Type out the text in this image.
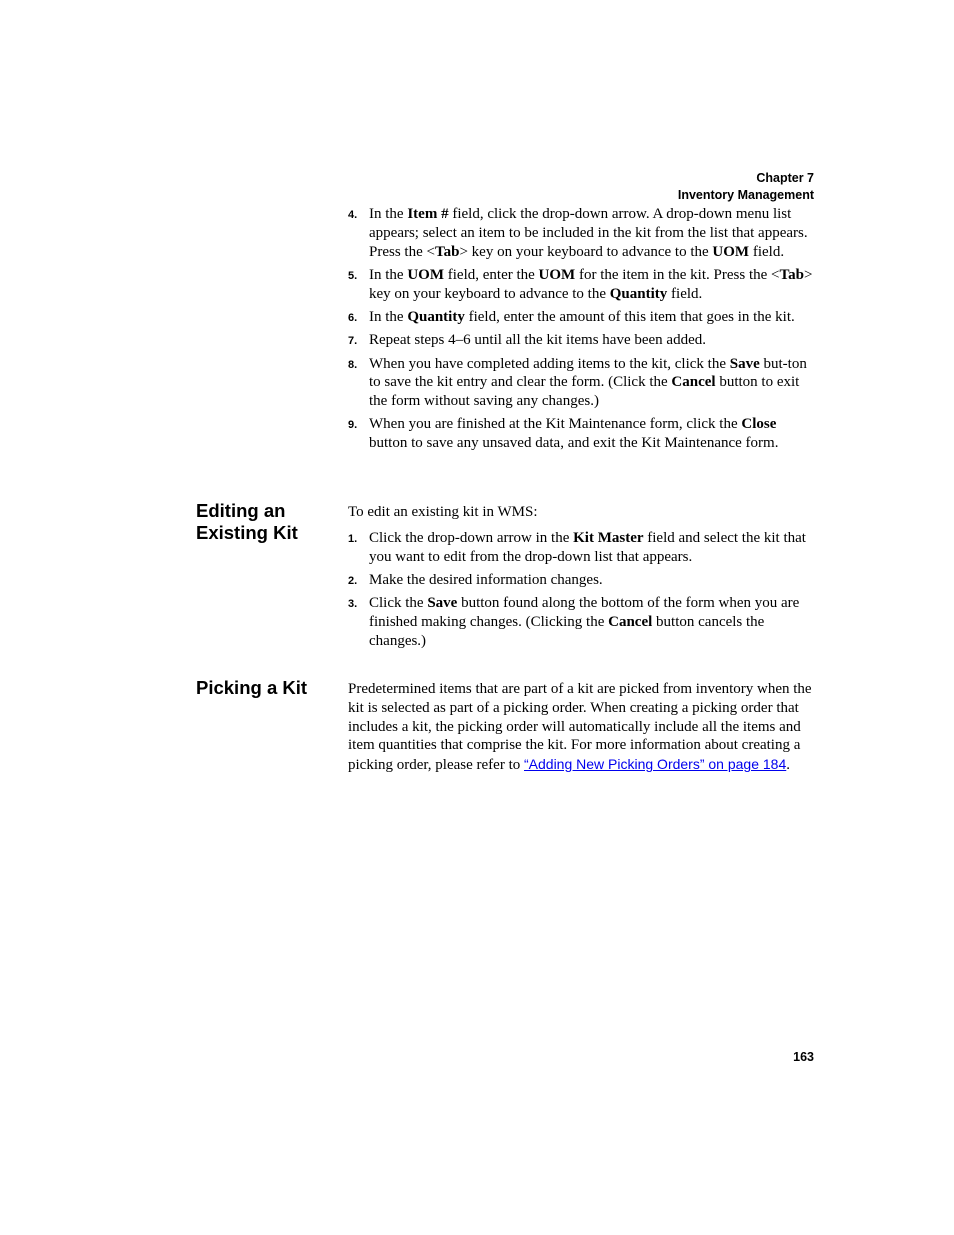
Chapter 7
Inventory Management
4. In the Item # field, click the drop-down arrow. A drop-down menu list appears; select an item to be included in the kit from the list that appears. Press the <Tab> key on your keyboard to advance to the UOM field.
5. In the UOM field, enter the UOM for the item in the kit. Press the <Tab> key on your keyboard to advance to the Quantity field.
6. In the Quantity field, enter the amount of this item that goes in the kit.
7. Repeat steps 4–6 until all the kit items have been added.
8. When you have completed adding items to the kit, click the Save but-ton to save the kit entry and clear the form. (Click the Cancel button to exit the form without saving any changes.)
9. When you are finished at the Kit Maintenance form, click the Close button to save any unsaved data, and exit the Kit Maintenance form.
Editing an
Existing Kit

To edit an existing kit in WMS:

1. Click the drop-down arrow in the Kit Master field and select the kit that you want to edit from the drop-down list that appears.
2. Make the desired information changes.
3. Click the Save button found along the bottom of the form when you are finished making changes. (Clicking the Cancel button cancels the changes.)
Picking a Kit	Predetermined items that are part of a kit are picked from inventory when the kit is selected as part of a picking order. When creating a picking order that includes a kit, the picking order will automatically include all the items and item quantities that comprise the kit. For more information about creating a picking order, please refer to “Adding New Picking Orders” on page 184.

163
